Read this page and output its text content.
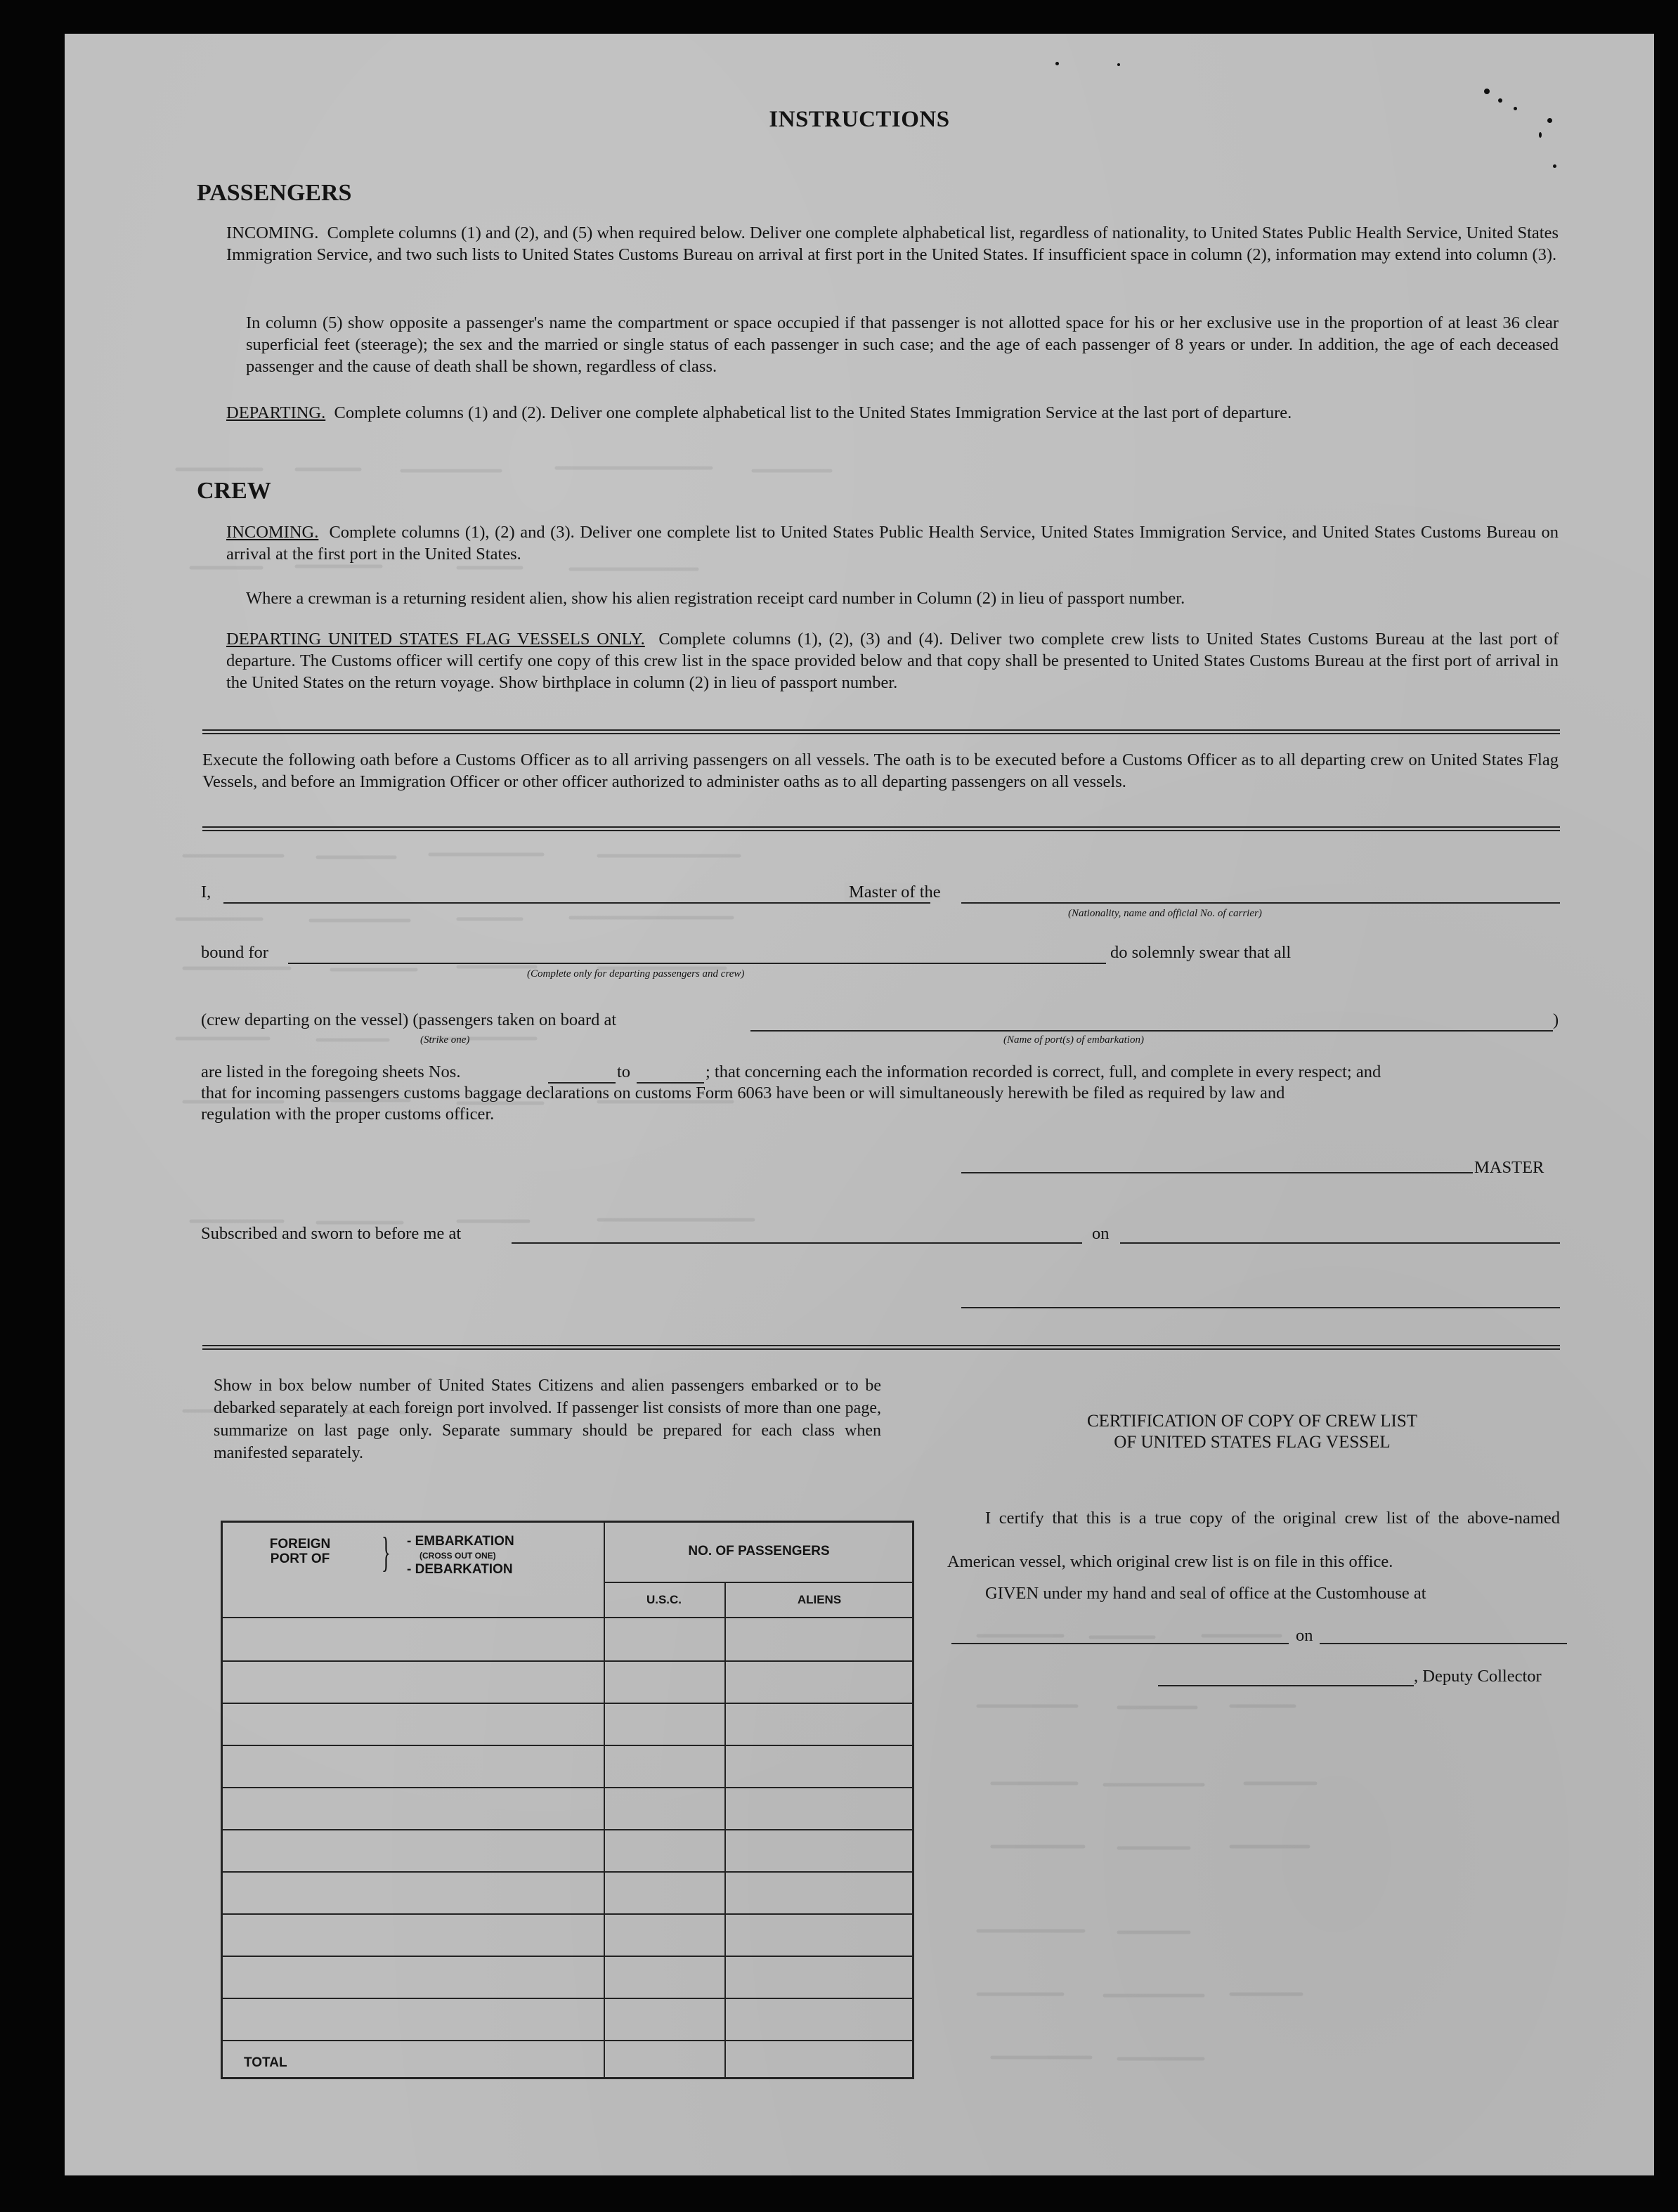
INSTRUCTIONS
PASSENGERS
INCOMING. Complete columns (1) and (2), and (5) when required below. Deliver one complete alphabetical list, regardless of nationality, to United States Public Health Service, United States Immigration Service, and two such lists to United States Customs Bureau on arrival at first port in the United States. If insufficient space in column (2), information may extend into column (3).
In column (5) show opposite a passenger's name the compartment or space occupied if that passenger is not allotted space for his or her exclusive use in the proportion of at least 36 clear superficial feet (steerage); the sex and the married or single status of each passenger in such case; and the age of each passenger of 8 years or under. In addition, the age of each deceased passenger and the cause of death shall be shown, regardless of class.
DEPARTING. Complete columns (1) and (2). Deliver one complete alphabetical list to the United States Immigration Service at the last port of departure.
CREW
INCOMING. Complete columns (1), (2) and (3). Deliver one complete list to United States Public Health Service, United States Immigration Service, and United States Customs Bureau on arrival at the first port in the United States.
Where a crewman is a returning resident alien, show his alien registration receipt card number in Column (2) in lieu of passport number.
DEPARTING UNITED STATES FLAG VESSELS ONLY. Complete columns (1), (2), (3) and (4). Deliver two complete crew lists to United States Customs Bureau at the last port of departure. The Customs officer will certify one copy of this crew list in the space provided below and that copy shall be presented to United States Customs Bureau at the first port of arrival in the United States on the return voyage. Show birthplace in column (2) in lieu of passport number.
Execute the following oath before a Customs Officer as to all arriving passengers on all vessels. The oath is to be executed before a Customs Officer as to all departing crew on United States Flag Vessels, and before an Immigration Officer or other officer authorized to administer oaths as to all departing passengers on all vessels.
I,	Master of the
(Nationality, name and official No. of carrier)
bound for	do solemnly swear that all
(Complete only for departing passengers and crew)
(crew departing on the vessel) (passengers taken on board at	)
(Strike one)	(Name of port(s) of embarkation)
are listed in the foregoing sheets Nos.	to	; that concerning each the information recorded is correct, full, and complete in every respect; and
that for incoming passengers customs baggage declarations on customs Form 6063 have been or will simultaneously herewith be filed as required by law and
regulation with the proper customs officer.
MASTER
Subscribed and sworn to before me at	on
Show in box below number of United States Citizens and alien passengers embarked or to be debarked separately at each foreign port involved. If passenger list consists of more than one page, summarize on last page only. Separate summary should be prepared for each class when manifested separately.
FOREIGN PORT OF } - EMBARKATION
(CROSS OUT ONE)
- DEBARKATION
NO. OF PASSENGERS
U.S.C.	ALIENS
TOTAL
CERTIFICATION OF COPY OF CREW LIST
OF UNITED STATES FLAG VESSEL
I certify that this is a true copy of the original crew list of the above-named American vessel, which original crew list is on file in this office.
GIVEN under my hand and seal of office at the Customhouse at
on
, Deputy Collector
